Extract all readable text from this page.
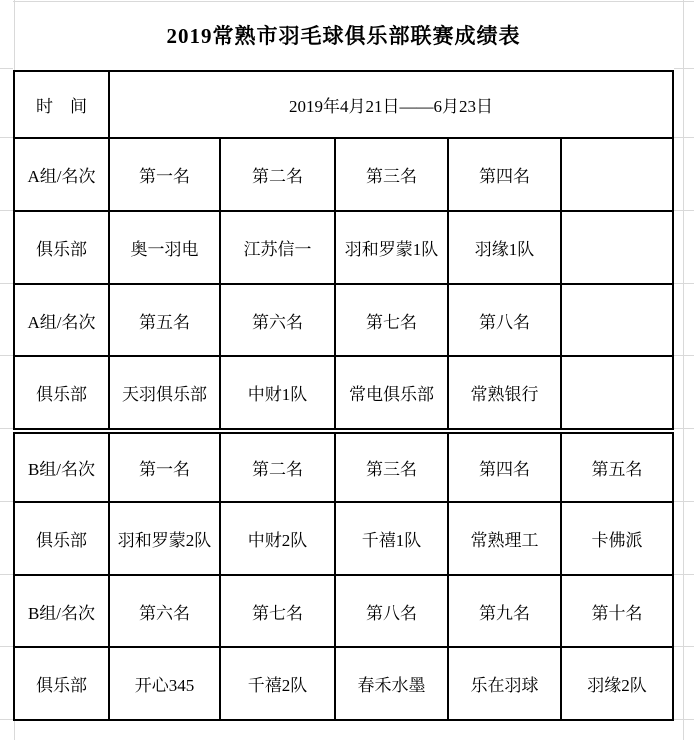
2019常熟市羽毛球俱乐部联赛成绩表
时　间	2019年4月21日——6月23日
A组/名次	第一名	第二名	第三名	第四名
俱乐部	奥一羽电	江苏信一	羽和罗蒙1队	羽缘1队
A组/名次	第五名	第六名	第七名	第八名
俱乐部	天羽俱乐部	中财1队	常电俱乐部	常熟银行
B组/名次	第一名	第二名	第三名	第四名	第五名
俱乐部	羽和罗蒙2队	中财2队	千禧1队	常熟理工	卡佛派
B组/名次	第六名	第七名	第八名	第九名	第十名
俱乐部	开心345	千禧2队	春禾水墨	乐在羽球	羽缘2队
